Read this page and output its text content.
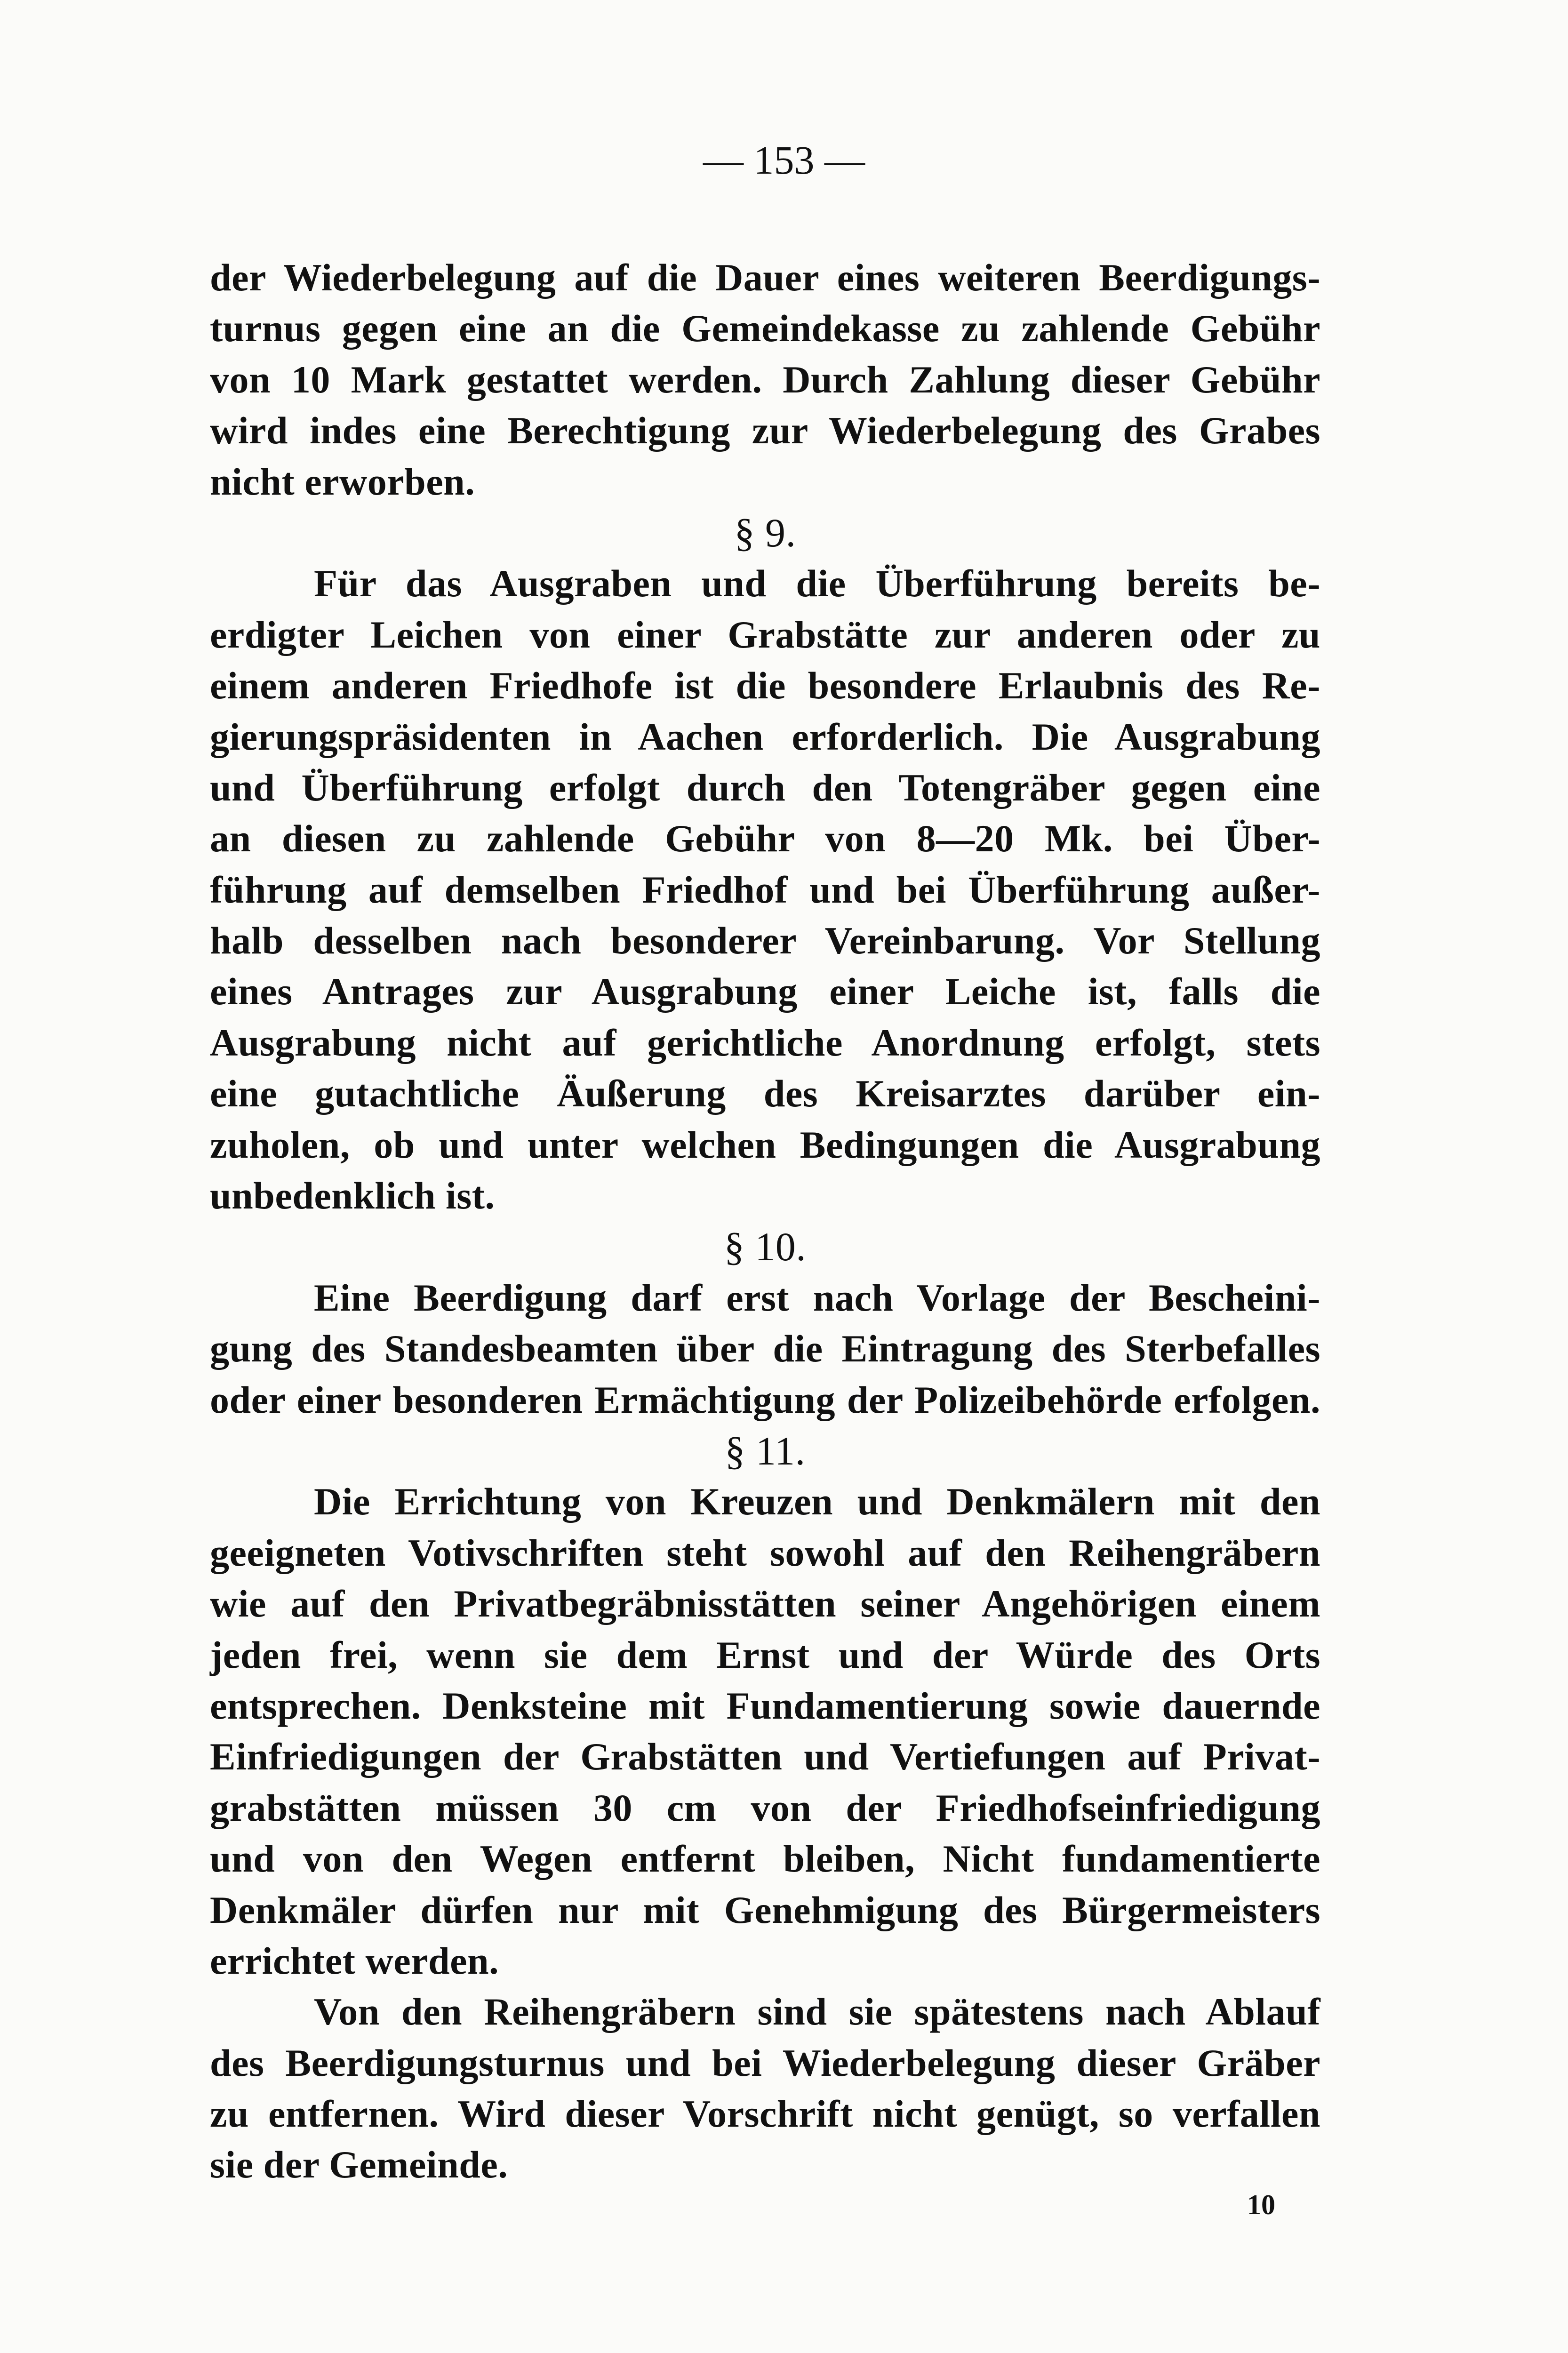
— 153 —
der Wiederbelegung auf die Dauer eines weiteren Beerdigungs-
turnus gegen eine an die Gemeindekasse zu zahlende Gebühr
von 10 Mark gestattet werden. Durch Zahlung dieser Gebühr
wird indes eine Berechtigung zur Wiederbelegung des Grabes
nicht erworben.
§ 9.
Für das Ausgraben und die Überführung bereits be-
erdigter Leichen von einer Grabstätte zur anderen oder zu
einem anderen Friedhofe ist die besondere Erlaubnis des Re-
gierungspräsidenten in Aachen erforderlich. Die Ausgrabung
und Überführung erfolgt durch den Totengräber gegen eine
an diesen zu zahlende Gebühr von 8—20 Mk. bei Über-
führung auf demselben Friedhof und bei Überführung außer-
halb desselben nach besonderer Vereinbarung. Vor Stellung
eines Antrages zur Ausgrabung einer Leiche ist, falls die
Ausgrabung nicht auf gerichtliche Anordnung erfolgt, stets
eine gutachtliche Äußerung des Kreisarztes darüber ein-
zuholen, ob und unter welchen Bedingungen die Ausgrabung
unbedenklich ist.
§ 10.
Eine Beerdigung darf erst nach Vorlage der Bescheini-
gung des Standesbeamten über die Eintragung des Sterbefalles
oder einer besonderen Ermächtigung der Polizeibehörde erfolgen.
§ 11.
Die Errichtung von Kreuzen und Denkmälern mit den
geeigneten Votivschriften steht sowohl auf den Reihengräbern
wie auf den Privatbegräbnisstätten seiner Angehörigen einem
jeden frei, wenn sie dem Ernst und der Würde des Orts
entsprechen. Denksteine mit Fundamentierung sowie dauernde
Einfriedigungen der Grabstätten und Vertiefungen auf Privat-
grabstätten müssen 30 cm von der Friedhofseinfriedigung
und von den Wegen entfernt bleiben, Nicht fundamentierte
Denkmäler dürfen nur mit Genehmigung des Bürgermeisters
errichtet werden.
Von den Reihengräbern sind sie spätestens nach Ablauf
des Beerdigungsturnus und bei Wiederbelegung dieser Gräber
zu entfernen. Wird dieser Vorschrift nicht genügt, so verfallen
sie der Gemeinde.
10
